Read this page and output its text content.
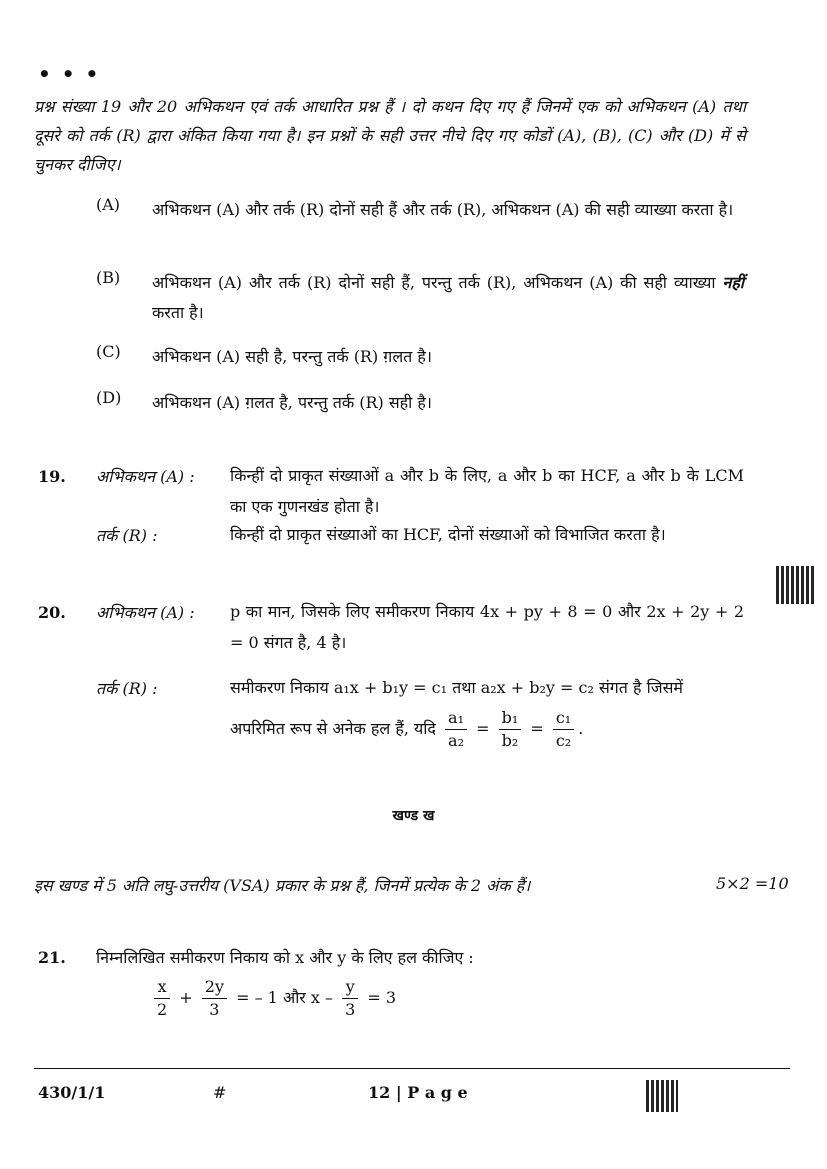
• • •
प्रश्न संख्या 19 और 20 अभिकथन एवं तर्क आधारित प्रश्न हैं । दो कथन दिए गए हैं जिनमें एक को अभिकथन (A) तथा दूसरे को तर्क (R) द्वारा अंकित किया गया है। इन प्रश्नों के सही उत्तर नीचे दिए गए कोडों (A), (B), (C) और (D) में से चुनकर दीजिए।
(A) अभिकथन (A) और तर्क (R) दोनों सही हैं और तर्क (R), अभिकथन (A) की सही व्याख्या करता है।
(B) अभिकथन (A) और तर्क (R) दोनों सही हैं, परन्तु तर्क (R), अभिकथन (A) की सही व्याख्या नहीं करता है।
(C) अभिकथन (A) सही है, परन्तु तर्क (R) ग़लत है।
(D) अभिकथन (A) ग़लत है, परन्तु तर्क (R) सही है।
19. अभिकथन (A) : किन्हीं दो प्राकृत संख्याओं a और b के लिए, a और b का HCF, a और b के LCM का एक गुणनखंड होता है।
तर्क (R) :	किन्हीं दो प्राकृत संख्याओं का HCF, दोनों संख्याओं को विभाजित करता है।
20. अभिकथन (A) : p का मान, जिसके लिए समीकरण निकाय 4x + py + 8 = 0 और 2x + 2y + 2 = 0 संगत है, 4 है।
तर्क (R) :	समीकरण निकाय a₁x + b₁y = c₁ तथा a₂x + b₂y = c₂ संगत है जिसमें
अपरिमित रूप से अनेक हल हैं, यदि $\frac{\text{a₁}}{\text{a₂}} = \frac{\text{b₁}}{\text{b₂}} = \frac{\text{c₁}}{\text{c₂}}$ .
खण्ड ख
इस खण्ड में 5 अति लघु-उत्तरीय (VSA) प्रकार के प्रश्न हैं, जिनमें प्रत्येक के 2 अंक हैं।	5×2 =10
21. निम्नलिखित समीकरण निकाय को x और y के लिए हल कीजिए :
$\frac{x}{2} + \frac{2y}{3}$ = – 1 और $x - \frac{y}{3} = 3$
430/1/1	#	12 | P a g e
